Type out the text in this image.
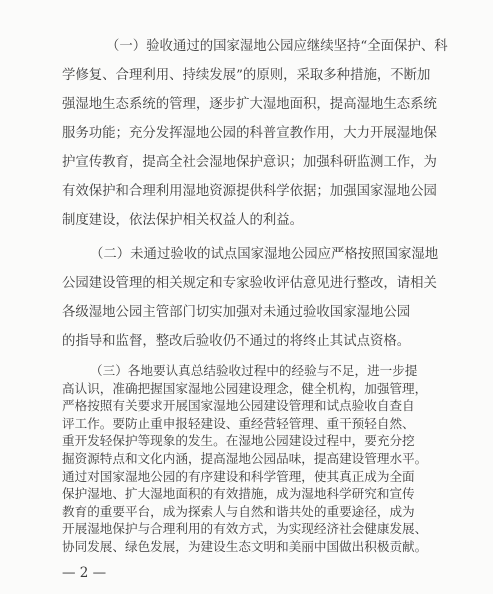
（一）验收通过的国家湿地公园应继续坚持“全面保护、科
学修复、合理利用、持续发展”的原则，采取多种措施，不断加
强湿地生态系统的管理，逐步扩大湿地面积，提高湿地生态系统
服务功能；充分发挥湿地公园的科普宣教作用，大力开展湿地保
护宣传教育，提高全社会湿地保护意识；加强科研监测工作，为
有效保护和合理利用湿地资源提供科学依据；加强国家湿地公园
制度建设，依法保护相关权益人的利益。
（二）未通过验收的试点国家湿地公园应严格按照国家湿地
公园建设管理的相关规定和专家验收评估意见进行整改，请相关
各级湿地公园主管部门切实加强对未通过验收国家湿地公园
的指导和监督，整改后验收仍不通过的将终止其试点资格。
（三）各地要认真总结验收过程中的经验与不足，进一步提
高认识，准确把握国家湿地公园建设理念，健全机构，加强管理，
严格按照有关要求开展国家湿地公园建设管理和试点验收自查自
评工作。要防止重申报轻建设、重经营轻管理、重干预轻自然、
重开发轻保护等现象的发生。在湿地公园建设过程中，要充分挖
掘资源特点和文化内涵，提高湿地公园品味，提高建设管理水平。
通过对国家湿地公园的有序建设和科学管理，使其真正成为全面
保护湿地、扩大湿地面积的有效措施，成为湿地科学研究和宣传
教育的重要平台，成为探索人与自然和谐共处的重要途径，成为
开展湿地保护与合理利用的有效方式，为实现经济社会健康发展、
协同发展、绿色发展，为建设生态文明和美丽中国做出积极贡献。
— 2 —
